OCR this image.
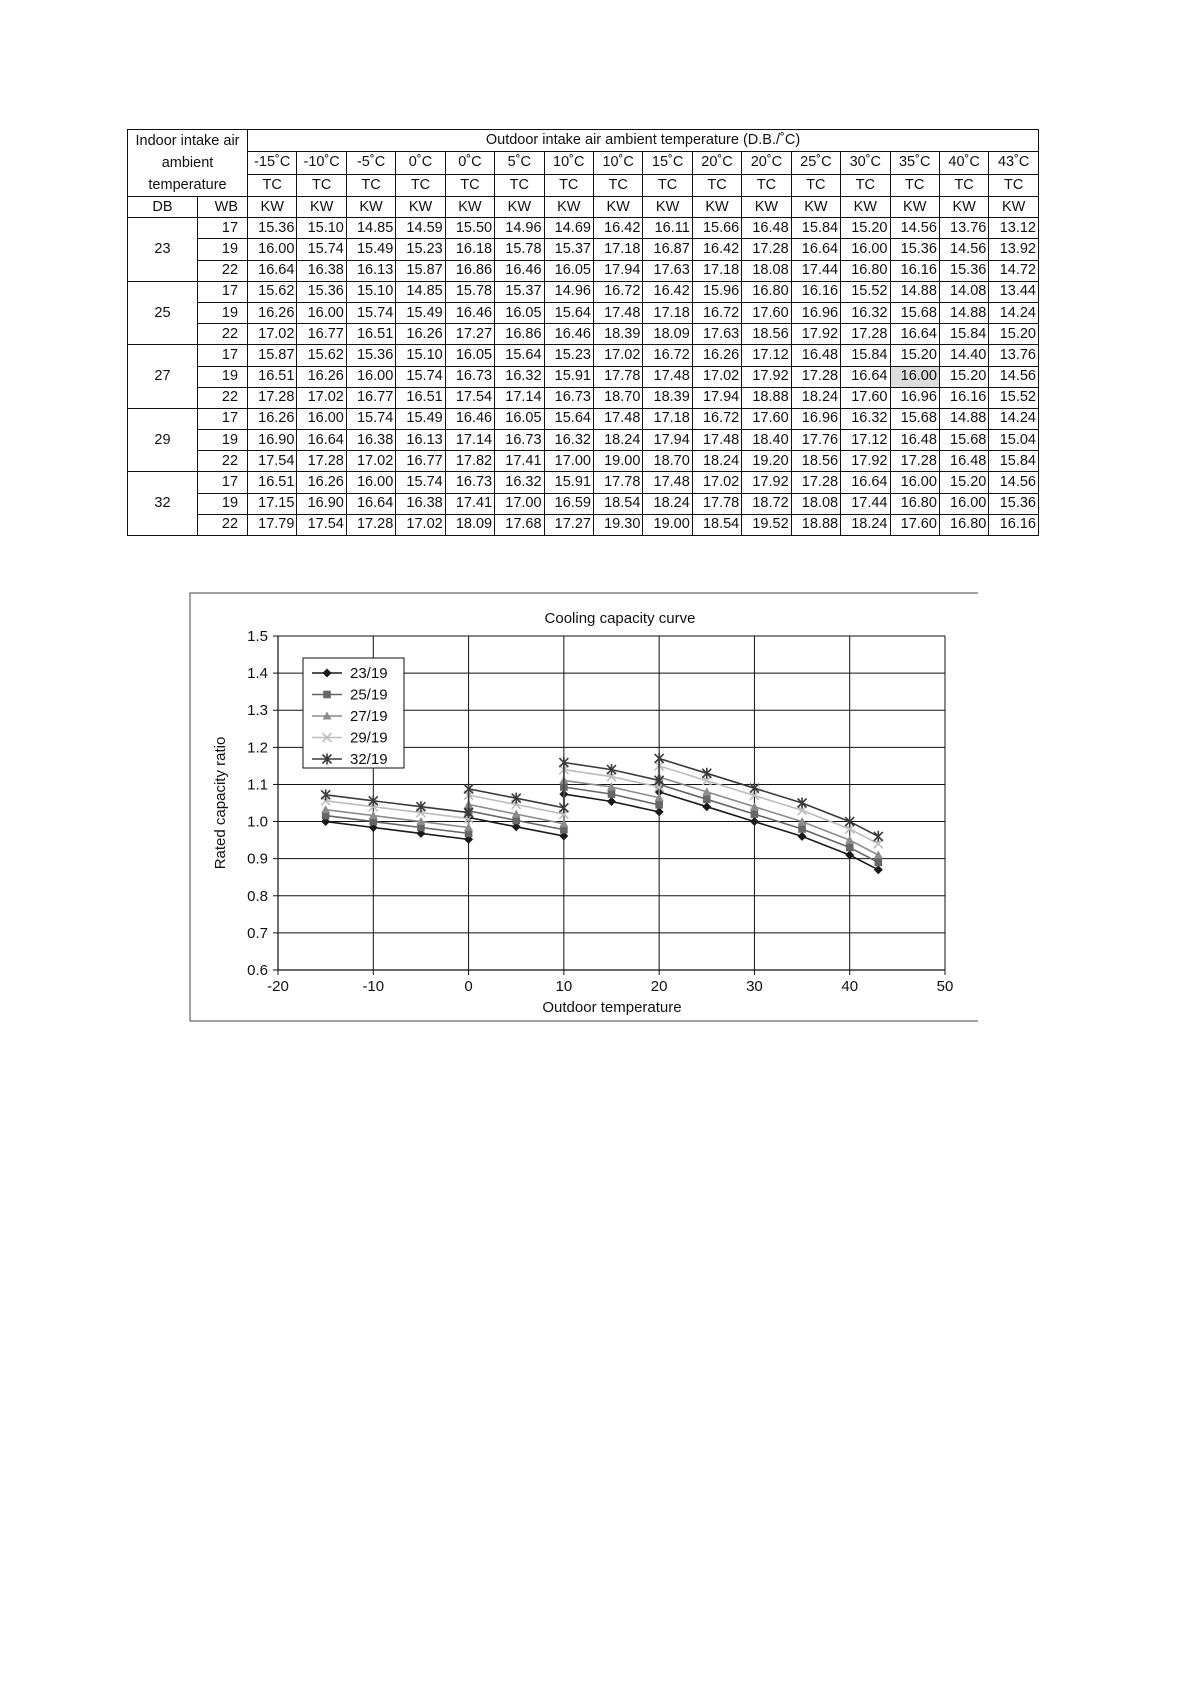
Indoor intake air
ambient
temperature		Outdoor intake air ambient temperature (D.B./˚C)															
		-15˚C	-10˚C	-5˚C	0˚C	0˚C	5˚C	10˚C	10˚C	15˚C	20˚C	20˚C	25˚C	30˚C	35˚C	40˚C	43˚C
		TC	TC	TC	TC	TC	TC	TC	TC	TC	TC	TC	TC	TC	TC	TC	TC
DB	WB	KW	KW	KW	KW	KW	KW	KW	KW	KW	KW	KW	KW	KW	KW	KW	KW
23	17	15.36	15.10	14.85	14.59	15.50	14.96	14.69	16.42	16.11	15.66	16.48	15.84	15.20	14.56	13.76	13.12
	19	16.00	15.74	15.49	15.23	16.18	15.78	15.37	17.18	16.87	16.42	17.28	16.64	16.00	15.36	14.56	13.92
	22	16.64	16.38	16.13	15.87	16.86	16.46	16.05	17.94	17.63	17.18	18.08	17.44	16.80	16.16	15.36	14.72
25	17	15.62	15.36	15.10	14.85	15.78	15.37	14.96	16.72	16.42	15.96	16.80	16.16	15.52	14.88	14.08	13.44
	19	16.26	16.00	15.74	15.49	16.46	16.05	15.64	17.48	17.18	16.72	17.60	16.96	16.32	15.68	14.88	14.24
	22	17.02	16.77	16.51	16.26	17.27	16.86	16.46	18.39	18.09	17.63	18.56	17.92	17.28	16.64	15.84	15.20
27	17	15.87	15.62	15.36	15.10	16.05	15.64	15.23	17.02	16.72	16.26	17.12	16.48	15.84	15.20	14.40	13.76
	19	16.51	16.26	16.00	15.74	16.73	16.32	15.91	17.78	17.48	17.02	17.92	17.28	16.64	16.00	15.20	14.56
	22	17.28	17.02	16.77	16.51	17.54	17.14	16.73	18.70	18.39	17.94	18.88	18.24	17.60	16.96	16.16	15.52
29	17	16.26	16.00	15.74	15.49	16.46	16.05	15.64	17.48	17.18	16.72	17.60	16.96	16.32	15.68	14.88	14.24
	19	16.90	16.64	16.38	16.13	17.14	16.73	16.32	18.24	17.94	17.48	18.40	17.76	17.12	16.48	15.68	15.04
	22	17.54	17.28	17.02	16.77	17.82	17.41	17.00	19.00	18.70	18.24	19.20	18.56	17.92	17.28	16.48	15.84
32	17	16.51	16.26	16.00	15.74	16.73	16.32	15.91	17.78	17.48	17.02	17.92	17.28	16.64	16.00	15.20	14.56
	19	17.15	16.90	16.64	16.38	17.41	17.00	16.59	18.54	18.24	17.78	18.72	18.08	17.44	16.80	16.00	15.36
	22	17.79	17.54	17.28	17.02	18.09	17.68	17.27	19.30	19.00	18.54	19.52	18.88	18.24	17.60	16.80	16.16
0.6
0.7
0.8
0.9
1.0
1.1
1.2
1.3
1.4
1.5
-20	-10	0	10	20	30	40	50
Cooling capacity curve
Outdoor temperature
Rated capacity ratio
23/19
25/19
27/19
29/19
32/19
